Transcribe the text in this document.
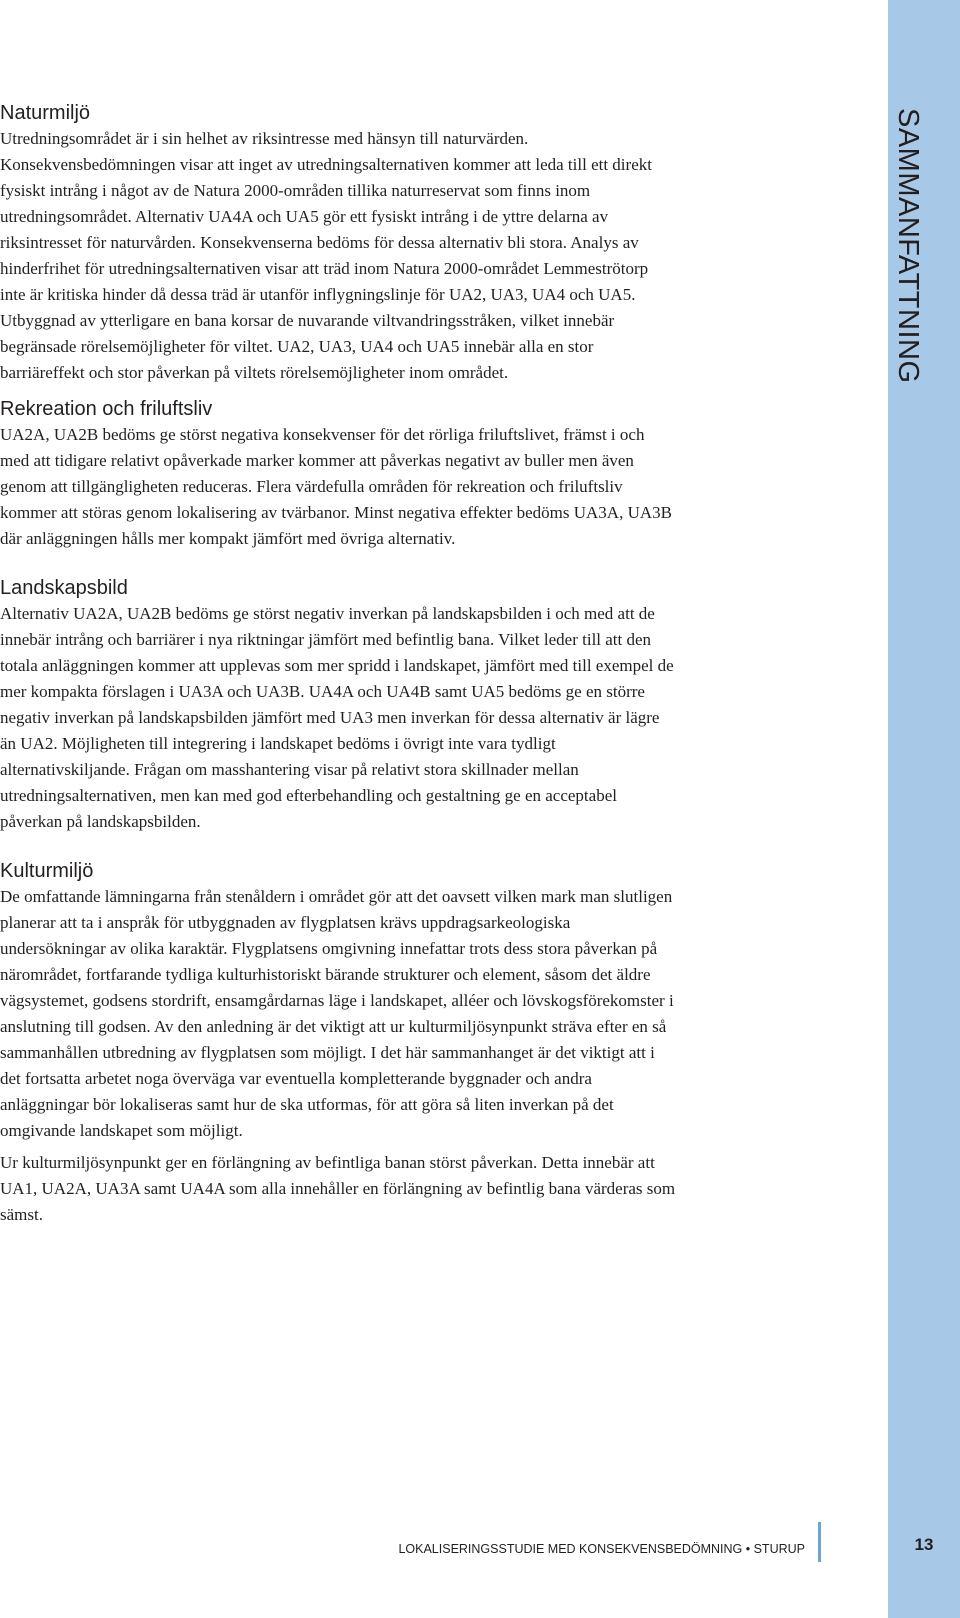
SAMMANFATTNING
Naturmiljö

Utredningsområdet är i sin helhet av riksintresse med hänsyn till naturvärden. Konsekvensbedömningen visar att inget av utredningsalternativen kommer att leda till ett direkt fysiskt intrång i något av de Natura 2000-områden tillika naturreservat som finns inom utredningsområdet. Alternativ UA4A och UA5 gör ett fysiskt intrång i de yttre delarna av riksintresset för naturvården. Konsekvenserna bedöms för dessa alternativ bli stora. Analys av hinderfrihet för utredningsalternativen visar att träd inom Natura 2000-området Lemmeströtorp inte är kritiska hinder då dessa träd är utanför inflygningslinje för UA2, UA3, UA4 och UA5. Utbyggnad av ytterligare en bana korsar de nuvarande viltvandringsstråken, vilket innebär begränsade rörelsemöjligheter för viltet. UA2, UA3, UA4 och UA5 innebär alla en stor barriäreffekt och stor påverkan på viltets rörelsemöjligheter inom området.

Rekreation och friluftsliv

UA2A, UA2B bedöms ge störst negativa konsekvenser för det rörliga friluftslivet, främst i och med att tidigare relativt opåverkade marker kommer att påverkas negativt av buller men även genom att tillgängligheten reduceras. Flera värdefulla områden för rekreation och friluftsliv kommer att störas genom lokalisering av tvärbanor. Minst negativa effekter bedöms UA3A, UA3B där anläggningen hålls mer kompakt jämfört med övriga alternativ.

Landskapsbild

Alternativ UA2A, UA2B bedöms ge störst negativ inverkan på landskapsbilden i och med att de innebär intrång och barriärer i nya riktningar jämfört med befintlig bana. Vilket leder till att den totala anläggningen kommer att upplevas som mer spridd i landskapet, jämfört med till exempel de mer kompakta förslagen i UA3A och UA3B. UA4A och UA4B samt UA5 bedöms ge en större negativ inverkan på landskapsbilden jämfört med UA3 men inverkan för dessa alternativ är lägre än UA2. Möjligheten till integrering i landskapet bedöms i övrigt inte vara tydligt alternativskiljande. Frågan om masshantering visar på relativt stora skillnader mellan utredningsalternativen, men kan med god efterbehandling och gestaltning ge en acceptabel påverkan på landskapsbilden.

Kulturmiljö

De omfattande lämningarna från stenåldern i området gör att det oavsett vilken mark man slutligen planerar att ta i anspråk för utbyggnaden av flygplatsen krävs uppdragsarkeologiska undersökningar av olika karaktär. Flygplatsens omgivning innefattar trots dess stora påverkan på närområdet, fortfarande tydliga kulturhistoriskt bärande strukturer och element, såsom det äldre vägsystemet, godsens stordrift, ensamgårdarnas läge i landskapet, alléer och lövskogsförekomster i anslutning till godsen. Av den anledning är det viktigt att ur kulturmiljösynpunkt sträva efter en så sammanhållen utbredning av flygplatsen som möjligt. I det här sammanhanget är det viktigt att i det fortsatta arbetet noga överväga var eventuella kompletterande byggnader och andra anläggningar bör lokaliseras samt hur de ska utformas, för att göra så liten inverkan på det omgivande landskapet som möjligt.

Ur kulturmiljösynpunkt ger en förlängning av befintliga banan störst påverkan. Detta innebär att UA1, UA2A, UA3A samt UA4A som alla innehåller en förlängning av befintlig bana värderas som sämst.

LOKALISERINGSSTUDIE MED KONSEKVENSBEDÖMNING • STURUP	13
